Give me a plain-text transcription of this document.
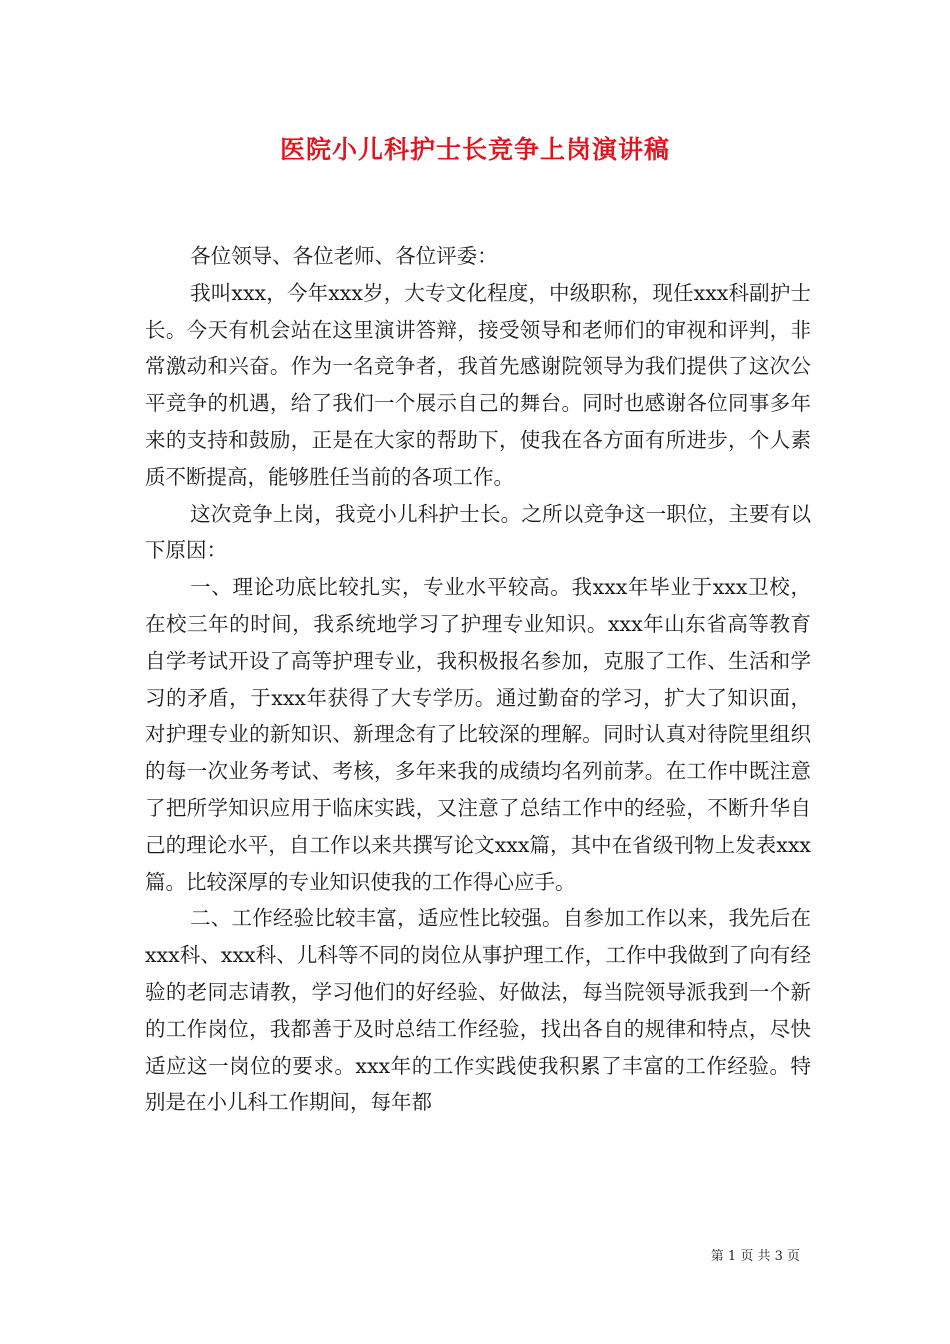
医院小儿科护士长竞争上岗演讲稿

各位领导、各位老师、各位评委：

我叫xxx，今年xxx岁，大专文化程度，中级职称，现任xxx科副护士长。今天有机会站在这里演讲答辩，接受领导和老师们的审视和评判，非常激动和兴奋。作为一名竞争者，我首先感谢院领导为我们提供了这次公平竞争的机遇，给了我们一个展示自己的舞台。同时也感谢各位同事多年来的支持和鼓励，正是在大家的帮助下，使我在各方面有所进步，个人素质不断提高，能够胜任当前的各项工作。

这次竞争上岗，我竞小儿科护士长。之所以竞争这一职位，主要有以下原因：

一、理论功底比较扎实，专业水平较高。我xxx年毕业于xxx卫校，在校三年的时间，我系统地学习了护理专业知识。xxx年山东省高等教育自学考试开设了高等护理专业，我积极报名参加，克服了工作、生活和学习的矛盾，于xxx年获得了大专学历。通过勤奋的学习，扩大了知识面，对护理专业的新知识、新理念有了比较深的理解。同时认真对待院里组织的每一次业务考试、考核，多年来我的成绩均名列前茅。在工作中既注意了把所学知识应用于临床实践，又注意了总结工作中的经验，不断升华自己的理论水平，自工作以来共撰写论文xxx篇，其中在省级刊物上发表xxx篇。比较深厚的专业知识使我的工作得心应手。

二、工作经验比较丰富，适应性比较强。自参加工作以来，我先后在xxx科、xxx科、儿科等不同的岗位从事护理工作，工作中我做到了向有经验的老同志请教，学习他们的好经验、好做法，每当院领导派我到一个新的工作岗位，我都善于及时总结工作经验，找出各自的规律和特点，尽快适应这一岗位的要求。xxx年的工作实践使我积累了丰富的工作经验。特别是在小儿科工作期间，每年都

第 1 页 共 3 页
